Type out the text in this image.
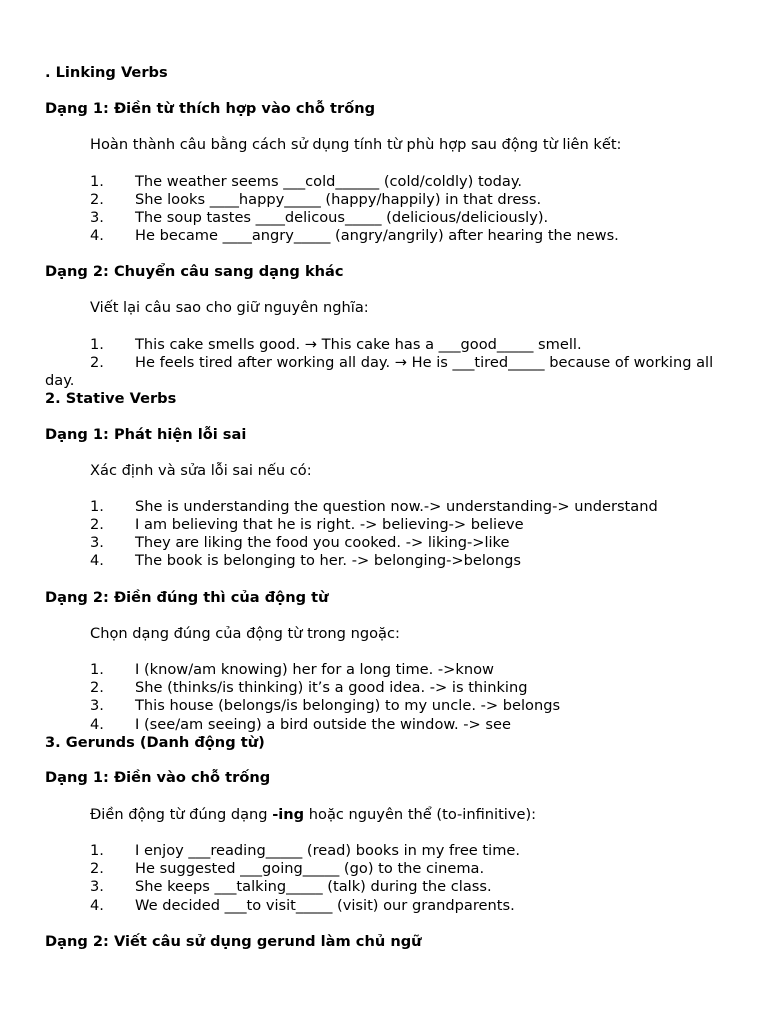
. Linking Verbs
Dạng 1: Điền từ thích hợp vào chỗ trống
Hoàn thành câu bằng cách sử dụng tính từ phù hợp sau động từ liên kết:
1. The weather seems ___cold______ (cold/coldly) today.
2. She looks ____happy_____ (happy/happily) in that dress.
3. The soup tastes ____delicous_____ (delicious/deliciously).
4. He became ____angry_____ (angry/angrily) after hearing the news.
Dạng 2: Chuyển câu sang dạng khác
Viết lại câu sao cho giữ nguyên nghĩa:
1. This cake smells good. → This cake has a ___good_____ smell.
2. He feels tired after working all day. → He is ___tired_____ because of working all
day.
2. Stative Verbs
Dạng 1: Phát hiện lỗi sai
Xác định và sửa lỗi sai nếu có:
1. She is understanding the question now.-> understanding-> understand
2. I am believing that he is right. -> believing-> believe
3. They are liking the food you cooked. -> liking->like
4. The book is belonging to her. -> belonging->belongs
Dạng 2: Điền đúng thì của động từ
Chọn dạng đúng của động từ trong ngoặc:
1. I (know/am knowing) her for a long time. ->know
2. She (thinks/is thinking) it’s a good idea. -> is thinking
3. This house (belongs/is belonging) to my uncle. -> belongs
4. I (see/am seeing) a bird outside the window. -> see
3. Gerunds (Danh động từ)
Dạng 1: Điền vào chỗ trống
Điền động từ đúng dạng -ing hoặc nguyên thể (to-infinitive):
1. I enjoy ___reading_____ (read) books in my free time.
2. He suggested ___going_____ (go) to the cinema.
3. She keeps ___talking_____ (talk) during the class.
4. We decided ___to visit_____ (visit) our grandparents.
Dạng 2: Viết câu sử dụng gerund làm chủ ngữ
